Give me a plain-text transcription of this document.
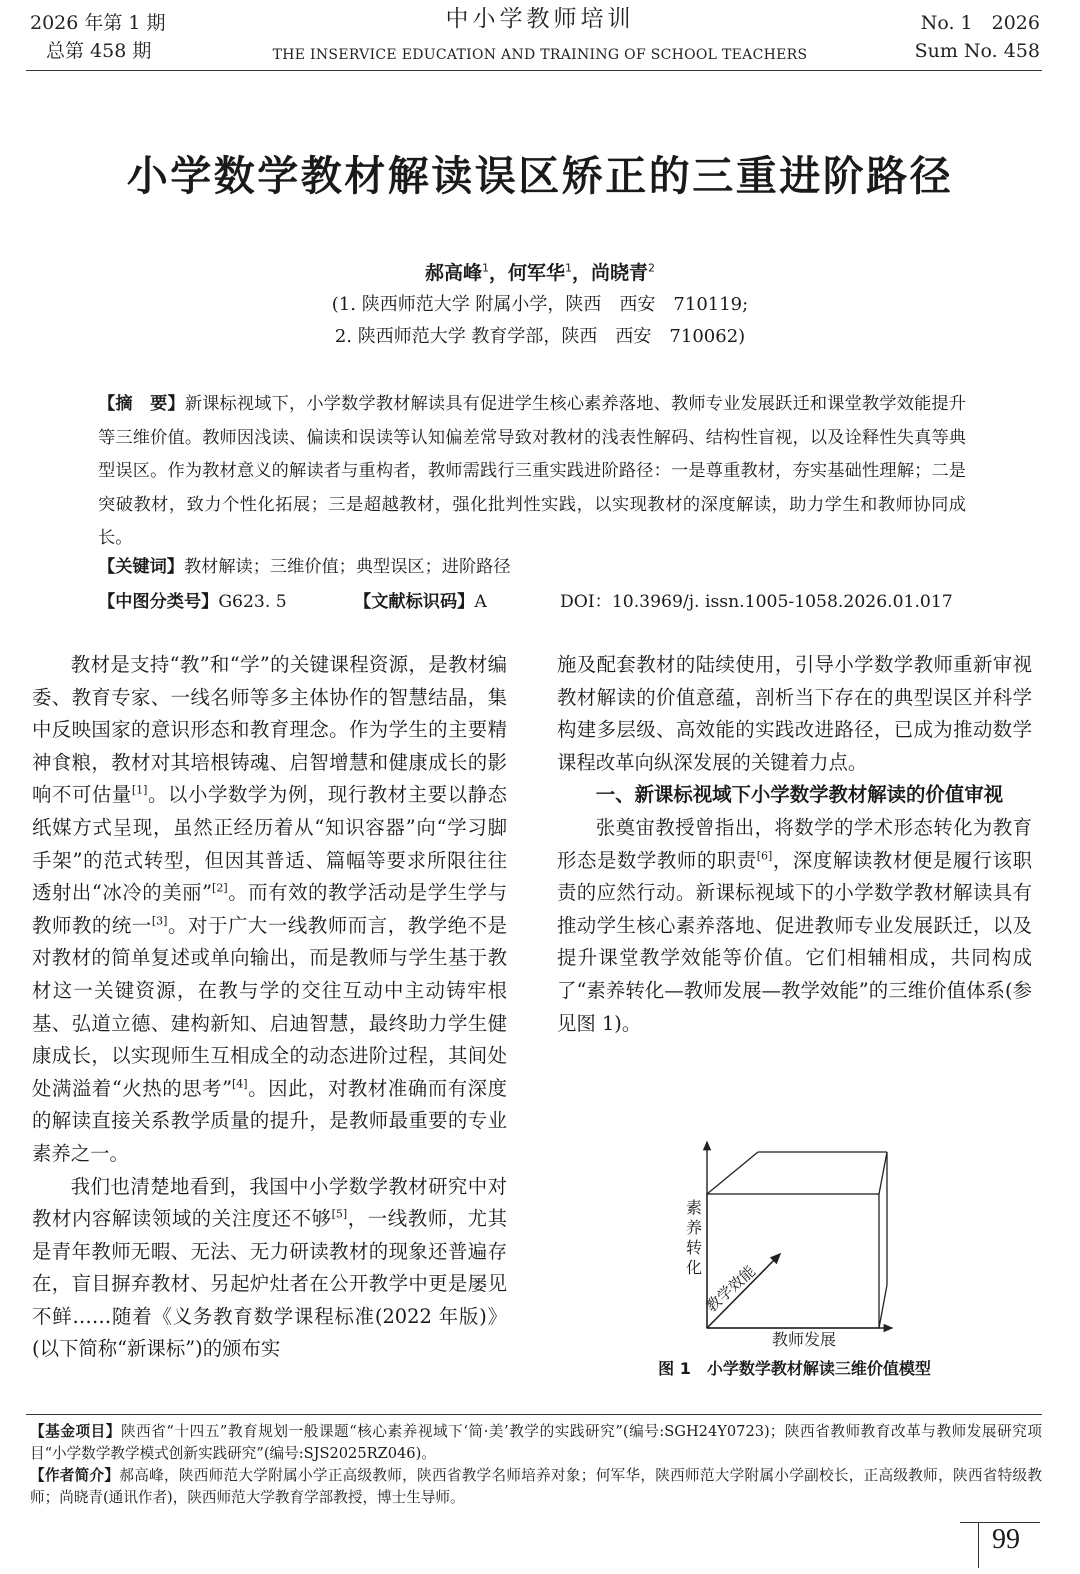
2026 年第 1 期
总第 458 期
中小学教师培训
THE INSERVICE EDUCATION AND TRAINING OF SCHOOL TEACHERS
No. 1　2026
Sum No. 458
小学数学教材解读误区矫正的三重进阶路径
郝高峰$^1$，何军华$^1$，尚晓青$^2$
(1. 陕西师范大学 附属小学，陕西　西安　710119;
2. 陕西师范大学 教育学部，陕西　西安　710062)
【摘　要】新课标视域下，小学数学教材解读具有促进学生核心素养落地、教师专业发展跃迁和课堂教学效能提升等三维价值。教师因浅读、偏读和误读等认知偏差常导致对教材的浅表性解码、结构性盲视，以及诠释性失真等典型误区。作为教材意义的解读者与重构者，教师需践行三重实践进阶路径：一是尊重教材，夯实基础性理解；二是突破教材，致力个性化拓展；三是超越教材，强化批判性实践，以实现教材的深度解读，助力学生和教师协同成长。
【关键词】教材解读；三维价值；典型误区；进阶路径
【中图分类号】G623. 5	【文献标识码】A	DOI：10.3969/j. issn.1005-1058.2026.01.017

教材是支持“教”和“学”的关键课程资源，是教材编委、教育专家、一线名师等多主体协作的智慧结晶，集中反映国家的意识形态和教育理念。作为学生的主要精神食粮，教材对其培根铸魂、启智增慧和健康成长的影响不可估量[1]。以小学数学为例，现行教材主要以静态纸媒方式呈现，虽然正经历着从“知识容器”向“学习脚手架”的范式转型，但因其普适、篇幅等要求所限往往透射出“冰冷的美丽”[2]。而有效的教学活动是学生学与教师教的统一[3]。对于广大一线教师而言，教学绝不是对教材的简单复述或单向输出，而是教师与学生基于教材这一关键资源，在教与学的交往互动中主动铸牢根基、弘道立德、建构新知、启迪智慧，最终助力学生健康成长，以实现师生互相成全的动态进阶过程，其间处处满溢着“火热的思考”[4]。因此，对教材准确而有深度的解读直接关系教学质量的提升，是教师最重要的专业素养之一。

我们也清楚地看到，我国中小学数学教材研究中对教材内容解读领域的关注度还不够[5]，一线教师，尤其是青年教师无暇、无法、无力研读教材的现象还普遍存在，盲目摒弃教材、另起炉灶者在公开教学中更是屡见不鲜……随着《义务教育数学课程标准(2022 年版)》(以下简称“新课标”)的颁布实

施及配套教材的陆续使用，引导小学数学教师重新审视教材解读的价值意蕴，剖析当下存在的典型误区并科学构建多层级、高效能的实践改进路径，已成为推动数学课程改革向纵深发展的关键着力点。

一、新课标视域下小学数学教材解读的价值审视

张奠宙教授曾指出，将数学的学术形态转化为教育形态是数学教师的职责[6]，深度解读教材便是履行该职责的应然行动。新课标视域下的小学数学教材解读具有推动学生核心素养落地、促进教师专业发展跃迁，以及提升课堂教学效能等价值。它们相辅相成，共同构成了“素养转化—教师发展—教学效能”的三维价值体系(参见图 1)。

素养转化 教学效能
教师发展
图 1　小学数学教材解读三维价值模型
【基金项目】陕西省“十四五”教育规划一般课题“核心素养视域下‘简·美’教学的实践研究”(编号:SGH24Y0723)；陕西省教师教育改革与教师发展研究项目“小学数学教学模式创新实践研究”(编号:SJS2025RZ046)。
【作者简介】郝高峰，陕西师范大学附属小学正高级教师，陕西省教学名师培养对象；何军华，陕西师范大学附属小学副校长，正高级教师，陕西省特级教师；尚晓青(通讯作者)，陕西师范大学教育学部教授，博士生导师。
99
